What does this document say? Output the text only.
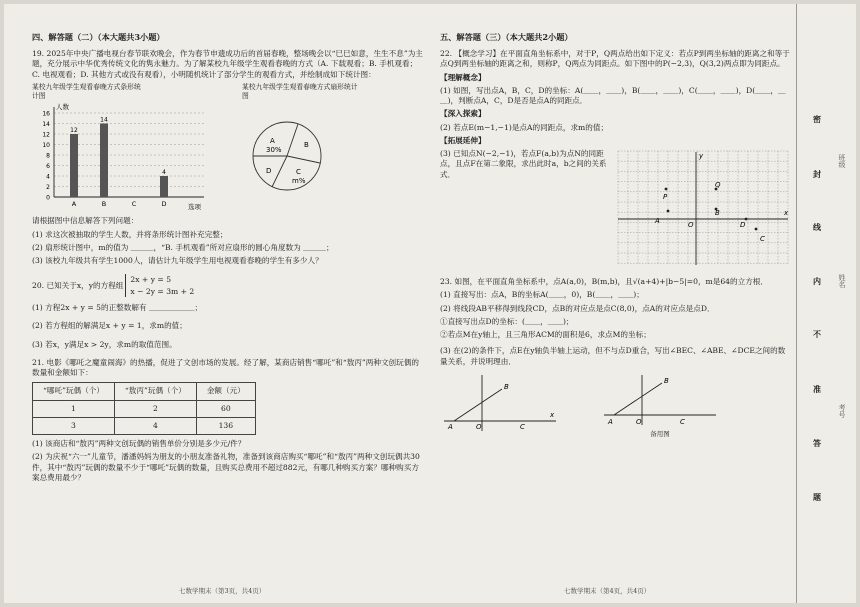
四、解答题（二）（本大题共3小题）

19. 2025年中央广播电视台春节联欢晚会，作为春节申遗成功后的首届春晚，整场晚会以“巳巳如意，生生不息”为主题，充分展示中华优秀传统文化的隽永魅力。为了解某校九年级学生观看春晚的方式（A. 下载观看；B. 手机观看；C. 电视观看；D. 其他方式或没有观看），小明随机统计了部分学生的观看方式，并绘制成如下统计图：

某校九年级学生观看春晚方式条形统计图
0
2
4
6
8
10
12
14
16
人数
选项
A
12
B
14
C	D
4
某校九年级学生观看春晚方式扇形统计图
A
30%
B
C
m%
D

请根据图中信息解答下列问题：

(1) 求这次被抽取的学生人数，并将条形统计图补充完整；

(2) 扇形统计图中，m的值为 ＿＿＿，“B. 手机观看”所对应扇形的圆心角度数为 ＿＿＿；

(3) 该校九年级共有学生1000人，请估计九年级学生用电视观看春晚的学生有多少人？

20. 已知关于x，y的方程组
2x + y = 5
x − 2y = 3m + 2

(1) 方程2x + y = 5的正整数解有 ＿＿＿＿＿＿；

(2) 若方程组的解满足x + y = 1，求m的值；

(3) 若x，y满足x > 2y，求m的取值范围。

21. 电影《哪吒之魔童闹海》的热播，促进了文创市场的发展。经了解，某商店销售“哪吒”和“敖丙”两种文创玩偶的数量和金额如下：

“哪吒”玩偶（个）	“敖丙”玩偶（个）	金额（元）
1	2	60
3	4	136

(1) 该商店和“敖丙”两种文创玩偶的销售单价分别是多少元/件？

(2) 为庆祝“六一”儿童节，潘潘妈妈为朋友的小朋友准备礼物，准备到该商店购买“哪吒”和“敖丙”两种文创玩偶共30件，其中“敖丙”玩偶的数量不少于“哪吒”玩偶的数量，且购买总费用不超过882元，有哪几种购买方案？哪种购买方案总费用最少？

七数学期末（第3页，共4页）
五、解答题（三）（本大题共2小题）

22. 【概念学习】在平面直角坐标系中，对于P，Q两点给出如下定义：若点P到两坐标轴的距离之和等于点Q到两坐标轴的距离之和，则称P，Q两点为同距点。如下图中的P(−2,3)，Q(3,2)两点即为同距点。

【理解概念】

(1) 如图，写出点A，B，C，D的坐标：A(＿＿，＿＿)，B(＿＿，＿＿)，C(＿＿，＿＿)，D(＿＿，＿＿)，判断点A，C，D是否是点A的同距点．

【深入探索】

(2) 若点E(m−1,−1)是点A的同距点，求m的值；

【拓展延伸】

(3) 已知点N(−2,−1)，若点F(a,b)为点N的同距点，且点F在第二象限，求出此时a，b之间的关系式．

x
y
O
P
Q
A
B
C
D

23. 如图，在平面直角坐标系中，点A(a,0)，B(m,b)，且√(a+4)+|b−5|=0，m是64的立方根．

(1) 直接写出：点A，B的坐标A(＿＿，0)，B(＿＿，＿＿)；

(2) 将线段AB平移得到线段CD，点B的对应点是点C(8,0)，点A的对应点是点D．

①直接写出点D的坐标：(＿＿，＿＿)；

②若点M在y轴上，且三角形ACM的面积是6，求点M的坐标；

(3) 在(2)的条件下，点E在y轴负半轴上运动，但不与点D重合，写出∠BEC、∠ABE、∠DCE之间的数量关系，并说明理由．

A	O
B
C
x
A	O
B
C
备用图
七数学期末（第4页，共4页）
密
封
线
内
不
准
答
题
班级
姓名
考号
